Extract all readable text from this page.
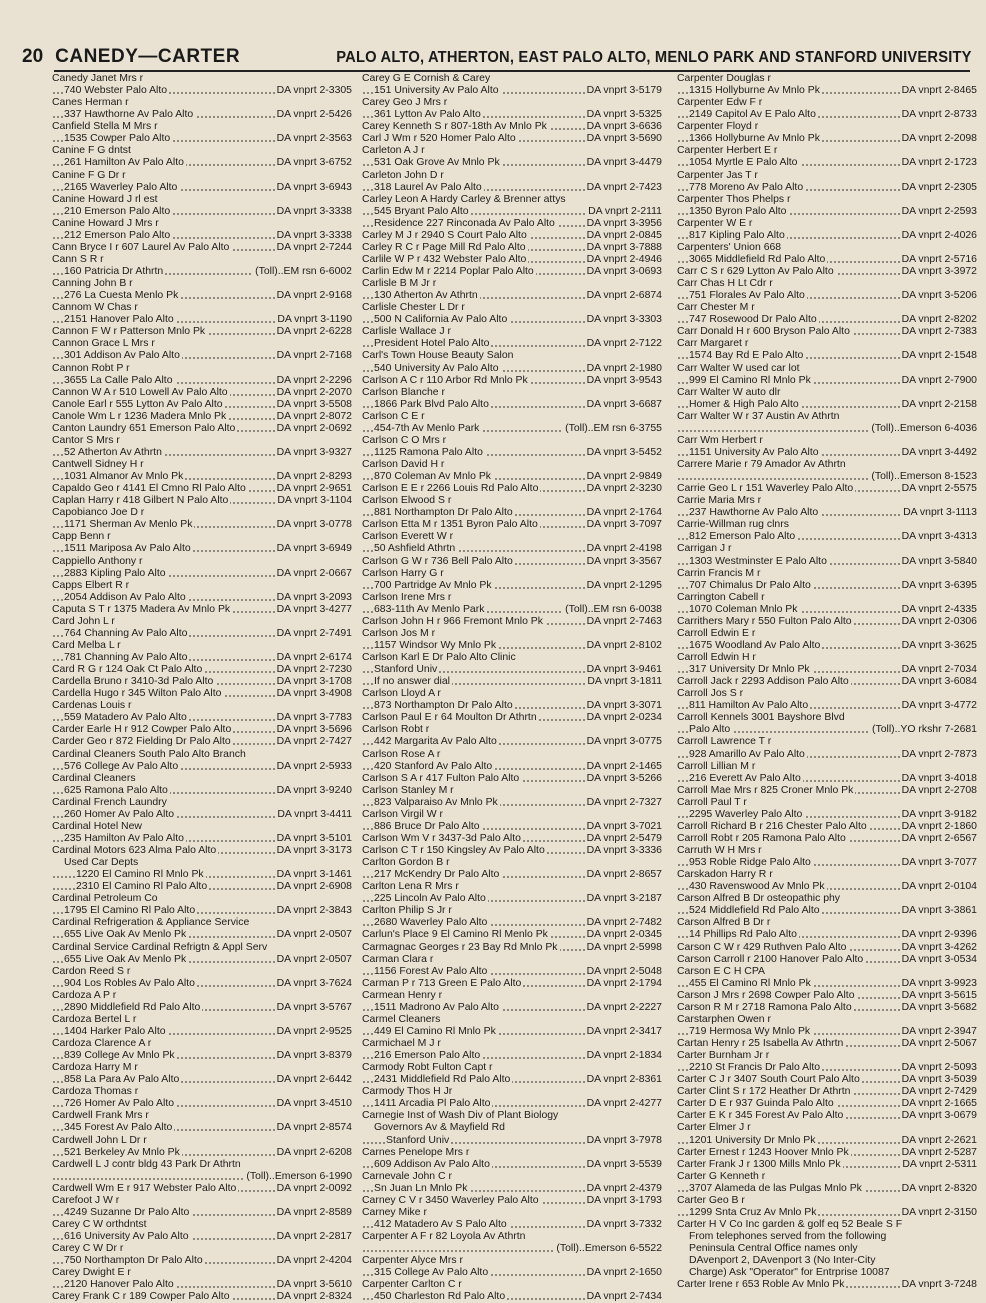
20 CANEDY—CARTER	PALO ALTO, ATHERTON, EAST PALO ALTO, MENLO PARK AND STANFORD UNIVERSITY
Canedy Janet Mrs r
740 Webster Palo Alto	DA vnprt 2-3305
Canes Herman r
337 Hawthorne Av Palo Alto	DA vnprt 2-5426
Canfield Stella M Mrs r
1535 Cowper Palo Alto	DA vnprt 2-3563
Canine F G dntst
261 Hamilton Av Palo Alto	DA vnprt 3-6752
Canine F G Dr r
2165 Waverley Palo Alto	DA vnprt 3-6943
Canine Howard J rl est
210 Emerson Palo Alto	DA vnprt 3-3338
Canine Howard J Mrs r
212 Emerson Palo Alto	DA vnprt 3-3338
Cann Bryce I r 607 Laurel Av Palo Alto	DA vnprt 2-7244
Cann S R r
160 Patricia Dr Athrtn	(Toll)..EM rsn 6-6002
Canning John B r
276 La Cuesta Menlo Pk	DA vnprt 2-9168
Cannom W Chas r
2151 Hanover Palo Alto	DA vnprt 3-1190
Cannon F W r Patterson Mnlo Pk	DA vnprt 2-6228
Cannon Grace L Mrs r
301 Addison Av Palo Alto	DA vnprt 2-7168
Cannon Robt P r
3655 La Calle Palo Alto	DA vnprt 2-2296
Cannon W A r 510 Lowell Av Palo Alto	DA vnprt 2-2070
Canole Earl r 555 Lytton Av Palo Alto	DA vnprt 3-5508
Canole Wm L r 1236 Madera Mnlo Pk	DA vnprt 2-8072
Canton Laundry 651 Emerson Palo Alto	DA vnprt 2-0692
Cantor S Mrs r
52 Atherton Av Athrtn	DA vnprt 3-9327
Cantwell Sidney H r
1031 Almanor Av Mnlo Pk	DA vnprt 2-8293
Capaldo Geo r 4141 El Cmno Rl Palo Alto	DA vnprt 2-9651
Caplan Harry r 418 Gilbert N Palo Alto	DA vnprt 3-1104
Capobianco Joe D r
1171 Sherman Av Menlo Pk	DA vnprt 3-0778
Capp Benn r
1511 Mariposa Av Palo Alto	DA vnprt 3-6949
Cappiello Anthony r
2883 Kipling Palo Alto	DA vnprt 2-0667
Capps Elbert R r
2054 Addison Av Palo Alto	DA vnprt 3-2093
Caputa S T r 1375 Madera Av Mnlo Pk	DA vnprt 3-4277
Card John L r
764 Channing Av Palo Alto	DA vnprt 2-7491
Card Melba L r
781 Channing Av Palo Alto	DA vnprt 2-6174
Card R G r 124 Oak Ct Palo Alto	DA vnprt 2-7230
Cardella Bruno r 3410-3d Palo Alto	DA vnprt 3-1708
Cardella Hugo r 345 Wilton Palo Alto	DA vnprt 3-4908
Cardenas Louis r
559 Matadero Av Palo Alto	DA vnprt 3-7783
Carder Earle H r 912 Cowper Palo Alto	DA vnprt 3-5696
Carder Geo r 872 Fielding Dr Palo Alto	DA vnprt 2-7427
Cardinal Cleaners South Palo Alto Branch
576 College Av Palo Alto	DA vnprt 2-5933
Cardinal Cleaners
625 Ramona Palo Alto	DA vnprt 3-9240
Cardinal French Laundry
260 Homer Av Palo Alto	DA vnprt 3-4411
Cardinal Hotel New
235 Hamilton Av Palo Alto	DA vnprt 3-5101
Cardinal Motors 623 Alma Palo Alto	DA vnprt 3-3173
Used Car Depts
1220 El Camino Rl Mnlo Pk	DA vnprt 3-1461
2310 El Camino Rl Palo Alto	DA vnprt 2-6908
Cardinal Petroleum Co
1795 El Camino Rl Palo Alto	DA vnprt 2-3843
Cardinal Refrigeration & Appliance Service
655 Live Oak Av Menlo Pk	DA vnprt 2-0507
Cardinal Service Cardinal Refrigtn & Appl Serv
655 Live Oak Av Menlo Pk	DA vnprt 2-0507
Cardon Reed S r
904 Los Robles Av Palo Alto	DA vnprt 3-7624
Cardoza A P r
2890 Middlefield Rd Palo Alto	DA vnprt 3-5767
Cardoza Bertel L r
1404 Harker Palo Alto	DA vnprt 2-9525
Cardoza Clarence A r
839 College Av Mnlo Pk	DA vnprt 3-8379
Cardoza Harry M r
858 La Para Av Palo Alto	DA vnprt 2-6442
Cardoza Thomas r
726 Homer Av Palo Alto	DA vnprt 3-4510
Cardwell Frank Mrs r
345 Forest Av Palo Alto	DA vnprt 2-8574
Cardwell John L Dr r
521 Berkeley Av Mnlo Pk	DA vnprt 2-6208
Cardwell L J contr bldg 43 Park Dr Athrtn
(Toll)..Emerson 6-1990
Cardwell Wm E r 917 Webster Palo Alto	DA vnprt 2-0092
Carefoot J W r
4249 Suzanne Dr Palo Alto	DA vnprt 2-8589
Carey C W orthdntst
616 University Av Palo Alto	DA vnprt 2-2817
Carey C W Dr r
750 Northampton Dr Palo Alto	DA vnprt 2-4204
Carey Dwight E r
2120 Hanover Palo Alto	DA vnprt 3-5610
Carey Frank C r 189 Cowper Palo Alto	DA vnprt 2-8324
Carey G E Cornish & Carey
151 University Av Palo Alto	DA vnprt 3-5179
Carey Geo J Mrs r
361 Lytton Av Palo Alto	DA vnprt 3-5325
Carey Kenneth S r 807-18th Av Mnlo Pk	DA vnprt 3-6636
Carl J Wm r 520 Homer Palo Alto	DA vnprt 3-5690
Carleton A J r
531 Oak Grove Av Mnlo Pk	DA vnprt 3-4479
Carleton John D r
318 Laurel Av Palo Alto	DA vnprt 2-7423
Carley Leon A Hardy Carley & Brenner attys
545 Bryant Palo Alto	DA vnprt 2-2111
Residence 227 Rinconada Av Palo Alto	DA vnprt 3-3956
Carley M J r 2940 S Court Palo Alto	DA vnprt 2-0845
Carley R C r Page Mill Rd Palo Alto	DA vnprt 3-7888
Carlile W P r 432 Webster Palo Alto	DA vnprt 2-4946
Carlin Edw M r 2214 Poplar Palo Alto	DA vnprt 3-0693
Carlisle B M Jr r
130 Atherton Av Athrtn	DA vnprt 2-6874
Carlisle Chester L Dr r
500 N California Av Palo Alto	DA vnprt 3-3303
Carlisle Wallace J r
President Hotel Palo Alto	DA vnprt 2-7122
Carl's Town House Beauty Salon
540 University Av Palo Alto	DA vnprt 2-1980
Carlson A C r 110 Arbor Rd Mnlo Pk	DA vnprt 3-9543
Carlson Blanche r
1866 Park Blvd Palo Alto	DA vnprt 3-6687
Carlson C E r
454-7th Av Menlo Park	(Toll)..EM rsn 6-3755
Carlson C O Mrs r
1125 Ramona Palo Alto	DA vnprt 3-5452
Carlson David H r
870 Coleman Av Mnlo Pk	DA vnprt 2-9849
Carlson E E r 2266 Louis Rd Palo Alto	DA vnprt 2-3230
Carlson Elwood S r
881 Northampton Dr Palo Alto	DA vnprt 2-1764
Carlson Etta M r 1351 Byron Palo Alto	DA vnprt 3-7097
Carlson Everett W r
50 Ashfield Athrtn	DA vnprt 2-4198
Carlson G W r 736 Bell Palo Alto	DA vnprt 3-3567
Carlson Harry G r
700 Partridge Av Mnlo Pk	DA vnprt 2-1295
Carlson Irene Mrs r
683-11th Av Menlo Park	(Toll)..EM rsn 6-0038
Carlson John H r 966 Fremont Mnlo Pk	DA vnprt 2-7463
Carlson Jos M r
1157 Windsor Wy Mnlo Pk	DA vnprt 2-8102
Carlson Karl E Dr Palo Alto Clinic
Stanford Univ	DA vnprt 3-9461
If no answer dial	DA vnprt 3-1811
Carlson Lloyd A r
873 Northampton Dr Palo Alto	DA vnprt 3-3071
Carlson Paul E r 64 Moulton Dr Athrtn	DA vnprt 2-0234
Carlson Robt r
442 Margarita Av Palo Alto	DA vnprt 3-0775
Carlson Rose A r
420 Stanford Av Palo Alto	DA vnprt 2-1465
Carlson S A r 417 Fulton Palo Alto	DA vnprt 3-5266
Carlson Stanley M r
823 Valparaiso Av Mnlo Pk	DA vnprt 2-7327
Carlson Virgil W r
886 Bruce Dr Palo Alto	DA vnprt 3-7021
Carlson Wm V r 3437-3d Palo Alto	DA vnprt 2-5479
Carlson C T r 150 Kingsley Av Palo Alto	DA vnprt 3-3336
Carlton Gordon B r
217 McKendry Dr Palo Alto	DA vnprt 2-8657
Carlton Lena R Mrs r
225 Lincoln Av Palo Alto	DA vnprt 3-2187
Carlton Philip S Jr r
2680 Waverley Palo Alto	DA vnprt 2-7482
Carlun's Place 9 El Camino Rl Menlo Pk	DA vnprt 2-0345
Carmagnac Georges r 23 Bay Rd Mnlo Pk	DA vnprt 2-5998
Carman Clara r
1156 Forest Av Palo Alto	DA vnprt 2-5048
Carman P r 713 Green E Palo Alto	DA vnprt 2-1794
Carmean Henry r
1511 Madrono Av Palo Alto	DA vnprt 2-2227
Carmel Cleaners
449 El Camino Rl Mnlo Pk	DA vnprt 2-3417
Carmichael M J r
216 Emerson Palo Alto	DA vnprt 2-1834
Carmody Robt Fulton Capt r
2431 Middlefield Rd Palo Alto	DA vnprt 2-8361
Carmody Thos H Jr
1411 Arcadia Pl Palo Alto	DA vnprt 2-4277
Carnegie Inst of Wash Div of Plant Biology
Governors Av & Mayfield Rd
Stanford Univ	DA vnprt 3-7978
Carnes Penelope Mrs r
609 Addison Av Palo Alto	DA vnprt 3-5539
Carnevale John C r
Sn Juan Ln Mnlo Pk	DA vnprt 2-4379
Carney C V r 3450 Waverley Palo Alto	DA vnprt 3-1793
Carney Mike r
412 Matadero Av S Palo Alto	DA vnprt 3-7332
Carpenter A F r 82 Loyola Av Athrtn
(Toll)..Emerson 6-5522
Carpenter Alyce Mrs r
315 College Av Palo Alto	DA vnprt 2-1650
Carpenter Carlton C r
450 Charleston Rd Palo Alto	DA vnprt 2-7434
Carpenter Douglas r
1315 Hollyburne Av Mnlo Pk	DA vnprt 2-8465
Carpenter Edw F r
2149 Capitol Av E Palo Alto	DA vnprt 2-8733
Carpenter Floyd r
1366 Hollyburne Av Mnlo Pk	DA vnprt 2-2098
Carpenter Herbert E r
1054 Myrtle E Palo Alto	DA vnprt 2-1723
Carpenter Jas T r
778 Moreno Av Palo Alto	DA vnprt 2-2305
Carpenter Thos Phelps r
1350 Byron Palo Alto	DA vnprt 2-2593
Carpenter W E r
817 Kipling Palo Alto	DA vnprt 2-4026
Carpenters' Union 668
3065 Middlefield Rd Palo Alto	DA vnprt 2-5716
Carr C S r 629 Lytton Av Palo Alto	DA vnprt 3-3972
Carr Chas H Lt Cdr r
751 Florales Av Palo Alto	DA vnprt 3-5206
Carr Chester M r
747 Rosewood Dr Palo Alto	DA vnprt 2-8202
Carr Donald H r 600 Bryson Palo Alto	DA vnprt 2-7383
Carr Margaret r
1574 Bay Rd E Palo Alto	DA vnprt 2-1548
Carr Walter W used car lot
999 El Camino Rl Mnlo Pk	DA vnprt 2-7900
Carr Walter W auto dlr
Homer & High Palo Alto	DA vnprt 2-2158
Carr Walter W r 37 Austin Av Athrtn
(Toll)..Emerson 6-4036
Carr Wm Herbert r
1151 University Av Palo Alto	DA vnprt 3-4492
Carrere Marie r 79 Amador Av Athrtn
(Toll)..Emerson 8-1523
Carrie Geo L r 151 Waverley Palo Alto	DA vnprt 2-5575
Carrie Maria Mrs r
237 Hawthorne Av Palo Alto	DA vnprt 3-1113
Carrie-Willman rug clnrs
812 Emerson Palo Alto	DA vnprt 3-4313
Carrigan J r
1303 Westminster E Palo Alto	DA vnprt 3-5840
Carrin Francis M r
707 Chimalus Dr Palo Alto	DA vnprt 3-6395
Carrington Cabell r
1070 Coleman Mnlo Pk	DA vnprt 2-4335
Carrithers Mary r 550 Fulton Palo Alto	DA vnprt 2-0306
Carroll Edwin E r
1675 Woodland Av Palo Alto	DA vnprt 3-3625
Carroll Edwin H r
317 University Dr Mnlo Pk	DA vnprt 2-7034
Carroll Jack r 2293 Addison Palo Alto	DA vnprt 3-6084
Carroll Jos S r
811 Hamilton Av Palo Alto	DA vnprt 3-4772
Carroll Kennels 3001 Bayshore Blvd
Palo Alto	(Toll)..YO rkshr 7-2681
Carroll Lawrence T r
928 Amarillo Av Palo Alto	DA vnprt 2-7873
Carroll Lillian M r
216 Everett Av Palo Alto	DA vnprt 3-4018
Carroll Mae Mrs r 825 Croner Mnlo Pk	DA vnprt 2-2708
Carroll Paul T r
2295 Waverley Palo Alto	DA vnprt 3-9182
Carroll Richard B r 216 Chester Palo Alto	DA vnprt 2-1860
Carroll Robt r 205 Ramona Palo Alto	DA vnprt 2-6567
Carruth W H Mrs r
953 Roble Ridge Palo Alto	DA vnprt 3-7077
Carskadon Harry R r
430 Ravenswood Av Mnlo Pk	DA vnprt 2-0104
Carson Alfred B Dr osteopathic phy
524 Middlefield Rd Palo Alto	DA vnprt 3-3861
Carson Alfred B Dr r
14 Phillips Rd Palo Alto	DA vnprt 2-9396
Carson C W r 429 Ruthven Palo Alto	DA vnprt 3-4262
Carson Carroll r 2100 Hanover Palo Alto	DA vnprt 3-0534
Carson E C H CPA
455 El Camino Rl Mnlo Pk	DA vnprt 3-9923
Carson J Mrs r 2698 Cowper Palo Alto	DA vnprt 3-5615
Carson R M r 2718 Ramona Palo Alto	DA vnprt 3-5682
Carstarphen Owen r
719 Hermosa Wy Mnlo Pk	DA vnprt 2-3947
Cartan Henry r 25 Isabella Av Athrtn	DA vnprt 2-5067
Carter Burnham Jr r
2210 St Francis Dr Palo Alto	DA vnprt 2-5093
Carter C J r 3407 South Court Palo Alto	DA vnprt 3-5039
Carter Clint S r 172 Heather Dr Athrtn	DA vnprt 2-7429
Carter D E r 937 Guinda Palo Alto	DA vnprt 2-1665
Carter E K r 345 Forest Av Palo Alto	DA vnprt 3-0679
Carter Elmer J r
1201 University Dr Mnlo Pk	DA vnprt 2-2621
Carter Ernest r 1243 Hoover Mnlo Pk	DA vnprt 2-5287
Carter Frank J r 1300 Mills Mnlo Pk	DA vnprt 2-5311
Carter G Kenneth r
3707 Alameda de las Pulgas Mnlo Pk	DA vnprt 2-8320
Carter Geo B r
1299 Snta Cruz Av Mnlo Pk	DA vnprt 2-3150
Carter H V Co Inc garden & golf eq 52 Beale S F
From telephones served from the following
Peninsula Central Office names only
DAvenport 2, DAvenport 3 (No Inter-City
Charge) Ask "Operator" for Entrprise 10087
Carter Irene r 653 Roble Av Mnlo Pk	DA vnprt 3-7248
